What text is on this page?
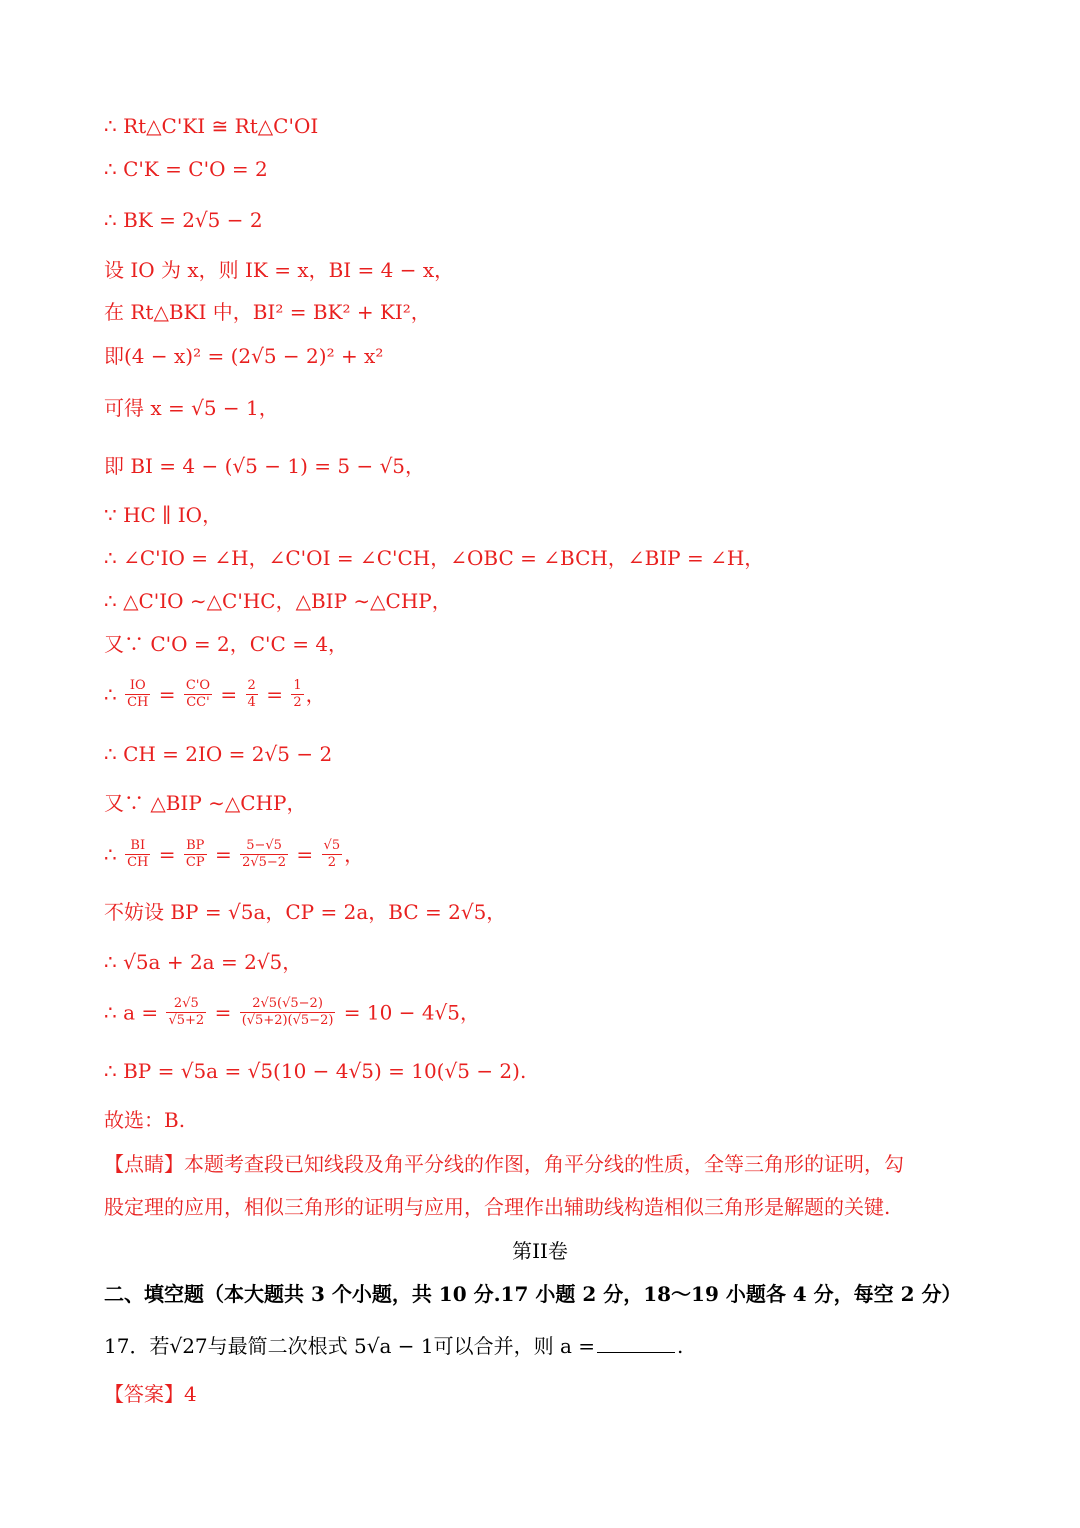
∴ Rt△C'KI ≅ Rt△C'OI
∴ C'K = C'O = 2
∴ BK = 2√5 − 2
设 IO 为 x，则 IK = x，BI = 4 − x，
在 Rt△BKI 中，BI² = BK² + KI²，
即(4 − x)² = (2√5 − 2)² + x²
可得 x = √5 − 1，
即 BI = 4 − (√5 − 1) = 5 − √5，
∵ HC ∥ IO，
∴ ∠C'IO = ∠H，∠C'OI = ∠C'CH，∠OBC = ∠BCH，∠BIP = ∠H，
∴ △C'IO ∼△C'HC，△BIP ∼△CHP，
又∵ C'O = 2，C'C = 4，
∴ $\frac{IO}{CH} = \frac{C'O}{CC'} = \frac{2}{4} = \frac{1}{2}$ ，
∴ CH = 2IO = 2√5 − 2
又∵ △BIP ∼△CHP，
∴ $\frac{BI}{CH} = \frac{BP}{CP} = \frac{5-√5}{2√5-2} = \frac{√5}{2}$ ，
不妨设 BP = √5a，CP = 2a，BC = 2√5，
∴ √5a + 2a = 2√5，
∴ $a = \frac{2√5}{√5+2} = \frac{2√5(√5-2)}{(√5+2)(√5-2)} = 10 - 4√5$，
∴ BP = √5a = √5(10 − 4√5) = 10(√5 − 2).
故选：B.
【点睛】本题考查段已知线段及角平分线的作图，角平分线的性质，全等三角形的证明，勾
股定理的应用，相似三角形的证明与应用，合理作出辅助线构造相似三角形是解题的关键.
第II卷
二、填空题（本大题共 3 个小题，共 10 分.17 小题 2 分，18～19 小题各 4 分，每空 2 分）
17．若√27与最简二次根式 5√a − 1可以合并，则 a =	.
【答案】4
